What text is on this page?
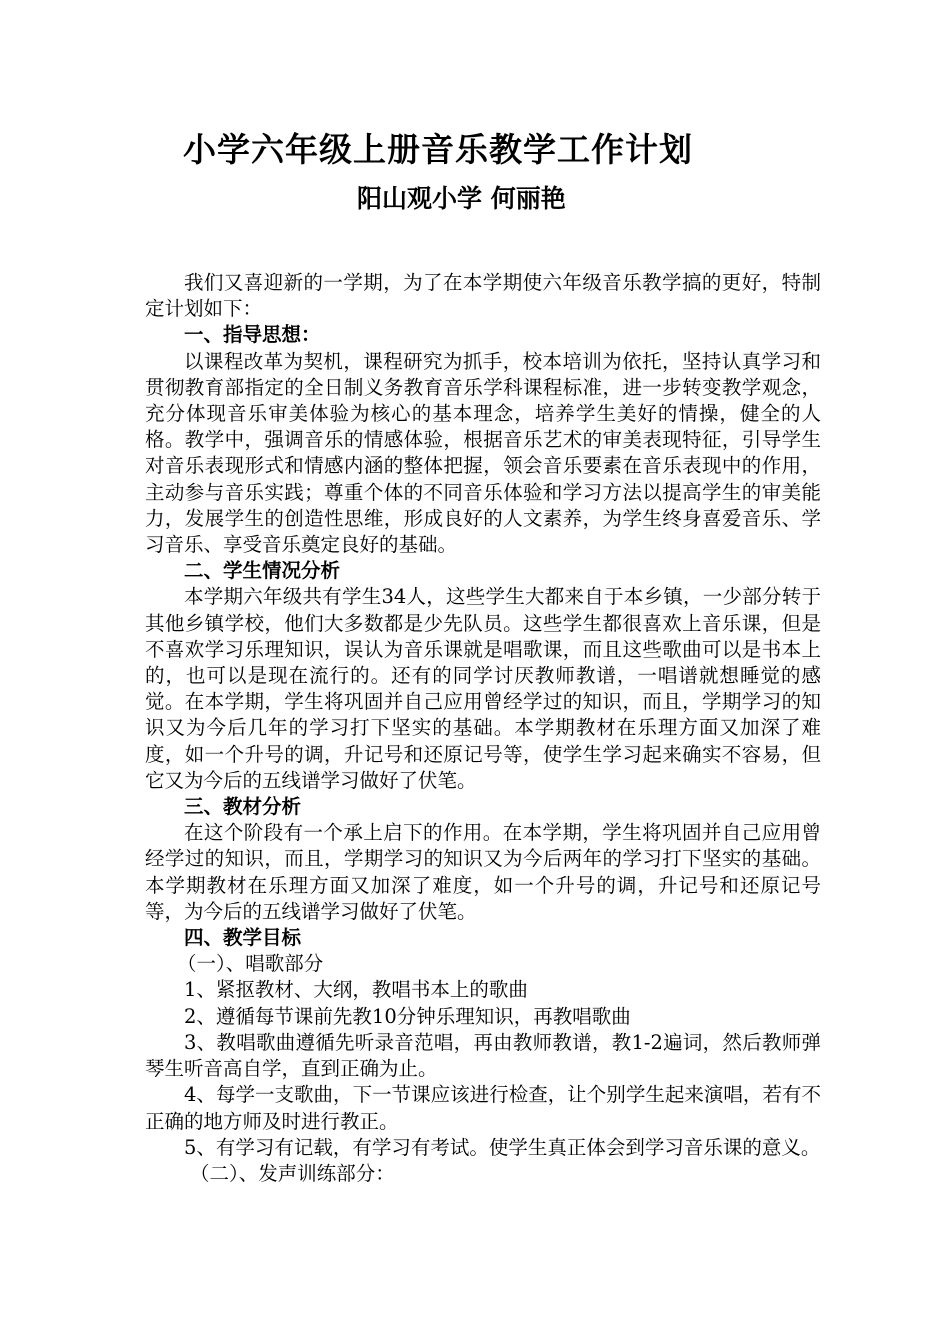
小学六年级上册音乐教学工作计划
阳山观小学 何丽艳

我们又喜迎新的一学期，为了在本学期使六年级音乐教学搞的更好，特制定计划如下：

一、指导思想：

以课程改革为契机，课程研究为抓手，校本培训为依托，坚持认真学习和贯彻教育部指定的全日制义务教育音乐学科课程标准，进一步转变教学观念，充分体现音乐审美体验为核心的基本理念，培养学生美好的情操，健全的人格。教学中，强调音乐的情感体验，根据音乐艺术的审美表现特征，引导学生对音乐表现形式和情感内涵的整体把握，领会音乐要素在音乐表现中的作用，主动参与音乐实践；尊重个体的不同音乐体验和学习方法以提高学生的审美能力，发展学生的创造性思维，形成良好的人文素养，为学生终身喜爱音乐、学习音乐、享受音乐奠定良好的基础。

二、学生情况分析

本学期六年级共有学生34人，这些学生大都来自于本乡镇，一少部分转于其他乡镇学校，他们大多数都是少先队员。这些学生都很喜欢上音乐课，但是不喜欢学习乐理知识，误认为音乐课就是唱歌课，而且这些歌曲可以是书本上的，也可以是现在流行的。还有的同学讨厌教师教谱，一唱谱就想睡觉的感觉。在本学期，学生将巩固并自己应用曾经学过的知识，而且，学期学习的知识又为今后几年的学习打下坚实的基础。本学期教材在乐理方面又加深了难度，如一个升号的调，升记号和还原记号等，使学生学习起来确实不容易，但它又为今后的五线谱学习做好了伏笔。

三、教材分析

在这个阶段有一个承上启下的作用。在本学期，学生将巩固并自己应用曾经学过的知识，而且，学期学习的知识又为今后两年的学习打下坚实的基础。本学期教材在乐理方面又加深了难度，如一个升号的调，升记号和还原记号等，为今后的五线谱学习做好了伏笔。

四、教学目标

（一）、唱歌部分

1、紧抠教材、大纲，教唱书本上的歌曲

2、遵循每节课前先教10分钟乐理知识，再教唱歌曲

3、教唱歌曲遵循先听录音范唱，再由教师教谱，教1-2遍词，然后教师弹琴生听音高自学，直到正确为止。

4、每学一支歌曲，下一节课应该进行检查，让个别学生起来演唱，若有不正确的地方师及时进行教正。

5、有学习有记载，有学习有考试。使学生真正体会到学习音乐课的意义。

（二）、发声训练部分：
